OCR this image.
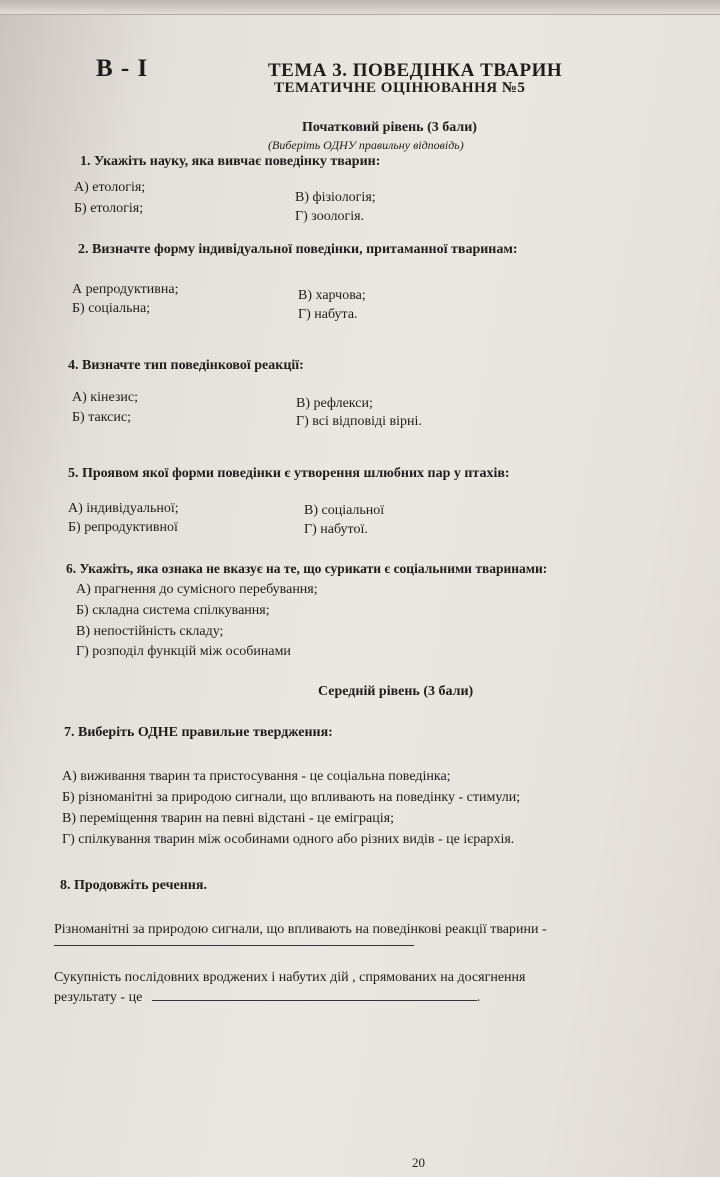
В - І	ТЕМА 3. ПОВЕДІНКА ТВАРИН
ТЕМАТИЧНЕ ОЦІНЮВАННЯ №5
Початковий рівень (3 бали)
(Виберіть ОДНУ правильну відповідь)
1. Укажіть науку, яка вивчає поведінку тварин:
А) етологія;
Б) етологія;
В) фізіологія;
Г) зоологія.
2. Визначте форму індивідуальної поведінки, притаманної тваринам:
А репродуктивна;
Б) соціальна;
В) харчова;
Г) набута.
4. Визначте тип поведінкової реакції:
А) кінезис;
Б) таксис;
В) рефлекси;
Г) всі відповіді вірні.
5. Проявом якої форми поведінки є утворення шлюбних пар у птахів:
А) індивідуальної;
Б) репродуктивної
В) соціальної
Г) набутої.
6. Укажіть, яка ознака не вказує на те, що сурикати є соціальними тваринами:
А) прагнення до сумісного перебування;
Б) складна система спілкування;
В) непостійність складу;
Г) розподіл функцій між особинами
Середній рівень (3 бали)
7. Виберіть ОДНЕ правильне твердження:
А) виживання тварин та пристосування - це соціальна поведінка;
Б) різноманітні за природою сигнали, що впливають на поведінку - стимули;
В) переміщення тварин на певні відстані - це еміграція;
Г) спілкування тварин між особинами одного або різних видів - це ієрархія.
8. Продовжіть речення.
Різноманітні за природою сигнали, що впливають на поведінкові реакції тварини -
Сукупність послідовних вроджених і набутих дій , спрямованих на досягнення
результату - це	.
20
